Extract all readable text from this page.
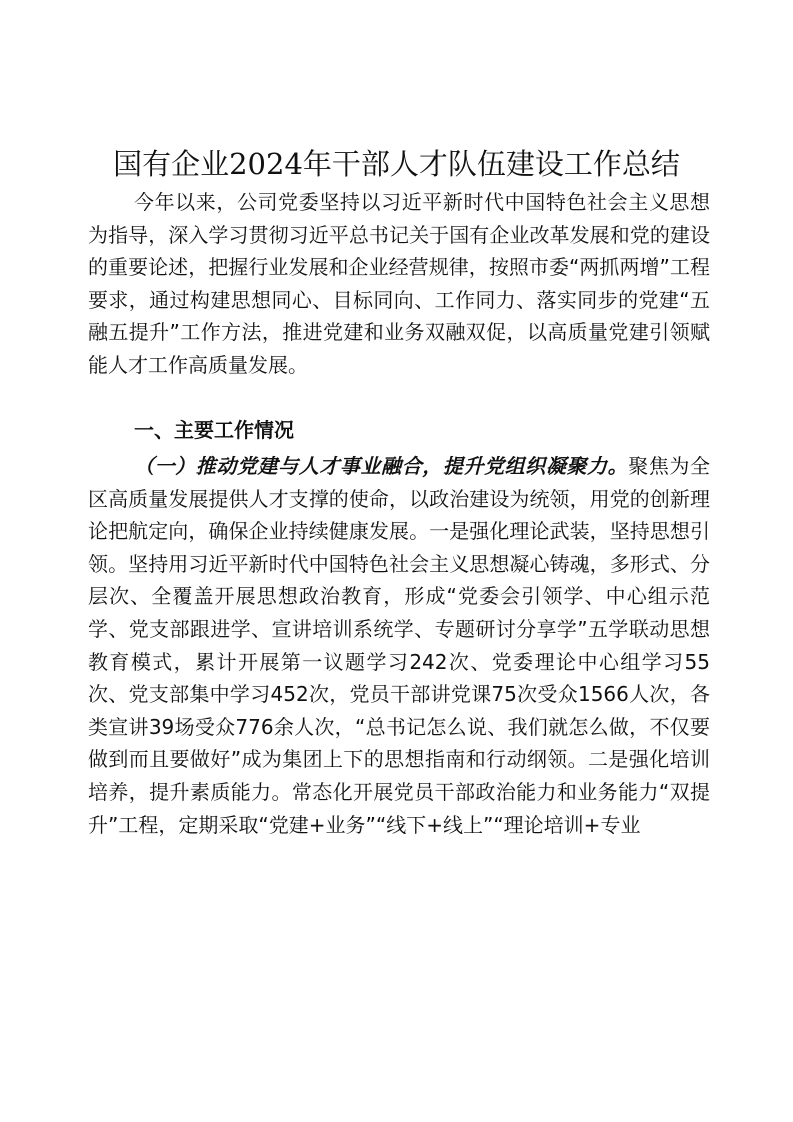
国有企业2024年干部人才队伍建设工作总结

今年以来，公司党委坚持以习近平新时代中国特色社会主义思想为指导，深入学习贯彻习近平总书记关于国有企业改革发展和党的建设的重要论述，把握行业发展和企业经营规律，按照市委“两抓两增”工程要求，通过构建思想同心、目标同向、工作同力、落实同步的党建“五融五提升”工作方法，推进党建和业务双融双促，以高质量党建引领赋能人才工作高质量发展。

一、主要工作情况

（一）推动党建与人才事业融合，提升党组织凝聚力。聚焦为全区高质量发展提供人才支撑的使命，以政治建设为统领，用党的创新理论把航定向，确保企业持续健康发展。一是强化理论武装，坚持思想引领。坚持用习近平新时代中国特色社会主义思想凝心铸魂，多形式、分层次、全覆盖开展思想政治教育，形成“党委会引领学、中心组示范学、党支部跟进学、宣讲培训系统学、专题研讨分享学”五学联动思想教育模式，累计开展第一议题学习242次、党委理论中心组学习55次、党支部集中学习452次，党员干部讲党课75次受众1566人次，各类宣讲39场受众776余人次，“总书记怎么说、我们就怎么做，不仅要做到而且要做好”成为集团上下的思想指南和行动纲领。二是强化培训培养，提升素质能力。常态化开展党员干部政治能力和业务能力“双提升”工程，定期采取“党建+业务”“线下+线上”“理论培训+专业
